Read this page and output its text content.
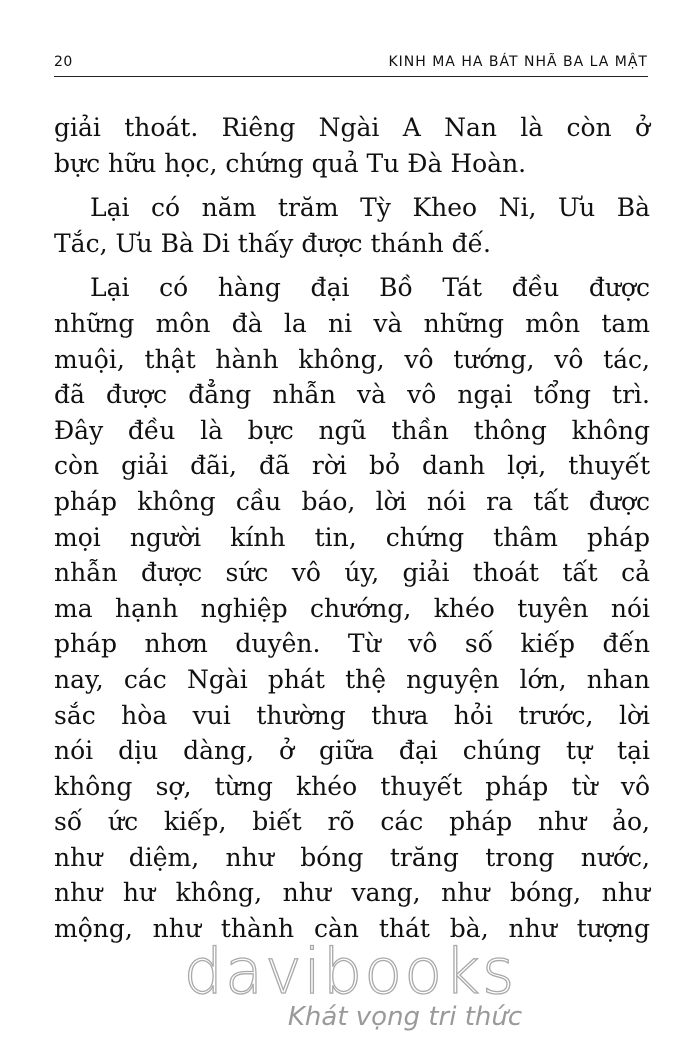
20	KINH MA HA BÁT NHÃ BA LA MẬT
giải thoát. Riêng Ngài A Nan là còn ở
bực hữu học, chứng quả Tu Đà Hoàn.
Lại có năm trăm Tỳ Kheo Ni, Ưu Bà
Tắc, Ưu Bà Di thấy được thánh đế.
Lại có hàng đại Bồ Tát đều được
những môn đà la ni và những môn tam
muội, thật hành không, vô tướng, vô tác,
đã được đẳng nhẫn và vô ngại tổng trì.
Đây đều là bực ngũ thần thông không
còn giải đãi, đã rời bỏ danh lợi, thuyết
pháp không cầu báo, lời nói ra tất được
mọi người kính tin, chứng thâm pháp
nhẫn được sức vô úy, giải thoát tất cả
ma hạnh nghiệp chướng, khéo tuyên nói
pháp nhơn duyên. Từ vô số kiếp đến
nay, các Ngài phát thệ nguyện lớn, nhan
sắc hòa vui thường thưa hỏi trước, lời
nói dịu dàng, ở giữa đại chúng tự tại
không sợ, từng khéo thuyết pháp từ vô
số ức kiếp, biết rõ các pháp như ảo,
như diệm, như bóng trăng trong nước,
như hư không, như vang, như bóng, như
mộng, như thành càn thát bà, như tượng
davibooks
Khát vọng tri thức
